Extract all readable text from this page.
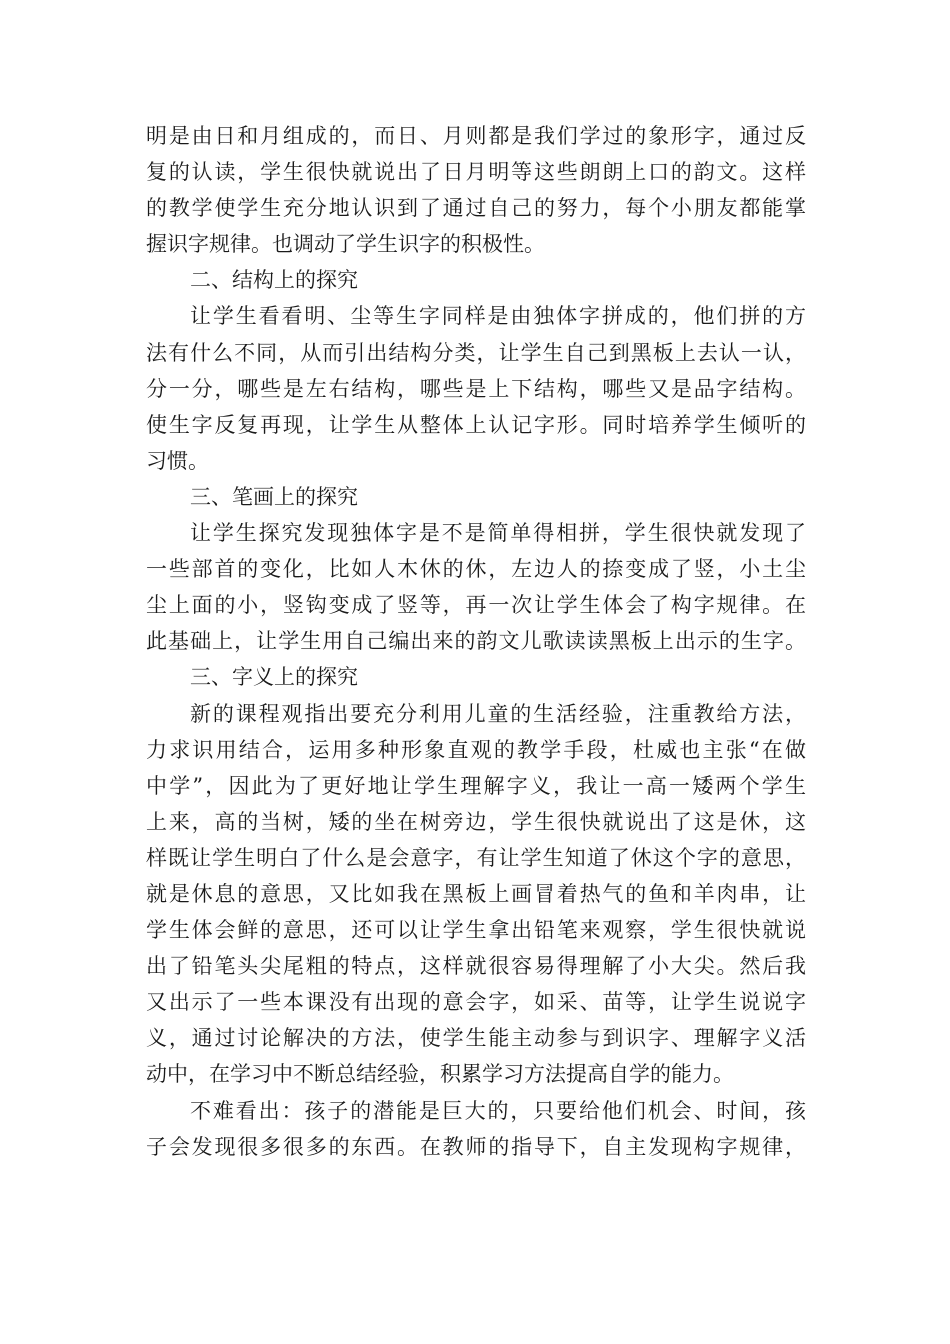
明是由日和月组成的，而日、月则都是我们学过的象形字，通过反
复的认读，学生很快就说出了日月明等这些朗朗上口的韵文。这样
的教学使学生充分地认识到了通过自己的努力，每个小朋友都能掌
握识字规律。也调动了学生识字的积极性。
二、结构上的探究
让学生看看明、尘等生字同样是由独体字拼成的，他们拼的方
法有什么不同，从而引出结构分类，让学生自己到黑板上去认一认，
分一分，哪些是左右结构，哪些是上下结构，哪些又是品字结构。
使生字反复再现，让学生从整体上认记字形。同时培养学生倾听的
习惯。
三、笔画上的探究
让学生探究发现独体字是不是简单得相拼，学生很快就发现了
一些部首的变化，比如人木休的休，左边人的捺变成了竖，小土尘
尘上面的小，竖钩变成了竖等，再一次让学生体会了构字规律。在
此基础上，让学生用自己编出来的韵文儿歌读读黑板上出示的生字。
三、字义上的探究
新的课程观指出要充分利用儿童的生活经验，注重教给方法，
力求识用结合，运用多种形象直观的教学手段，杜威也主张“在做
中学”，因此为了更好地让学生理解字义，我让一高一矮两个学生
上来，高的当树，矮的坐在树旁边，学生很快就说出了这是休，这
样既让学生明白了什么是会意字，有让学生知道了休这个字的意思，
就是休息的意思，又比如我在黑板上画冒着热气的鱼和羊肉串，让
学生体会鲜的意思，还可以让学生拿出铅笔来观察，学生很快就说
出了铅笔头尖尾粗的特点，这样就很容易得理解了小大尖。然后我
又出示了一些本课没有出现的意会字，如采、苗等，让学生说说字
义，通过讨论解决的方法，使学生能主动参与到识字、理解字义活
动中，在学习中不断总结经验，积累学习方法提高自学的能力。
不难看出：孩子的潜能是巨大的，只要给他们机会、时间，孩
子会发现很多很多的东西。在教师的指导下，自主发现构字规律，
